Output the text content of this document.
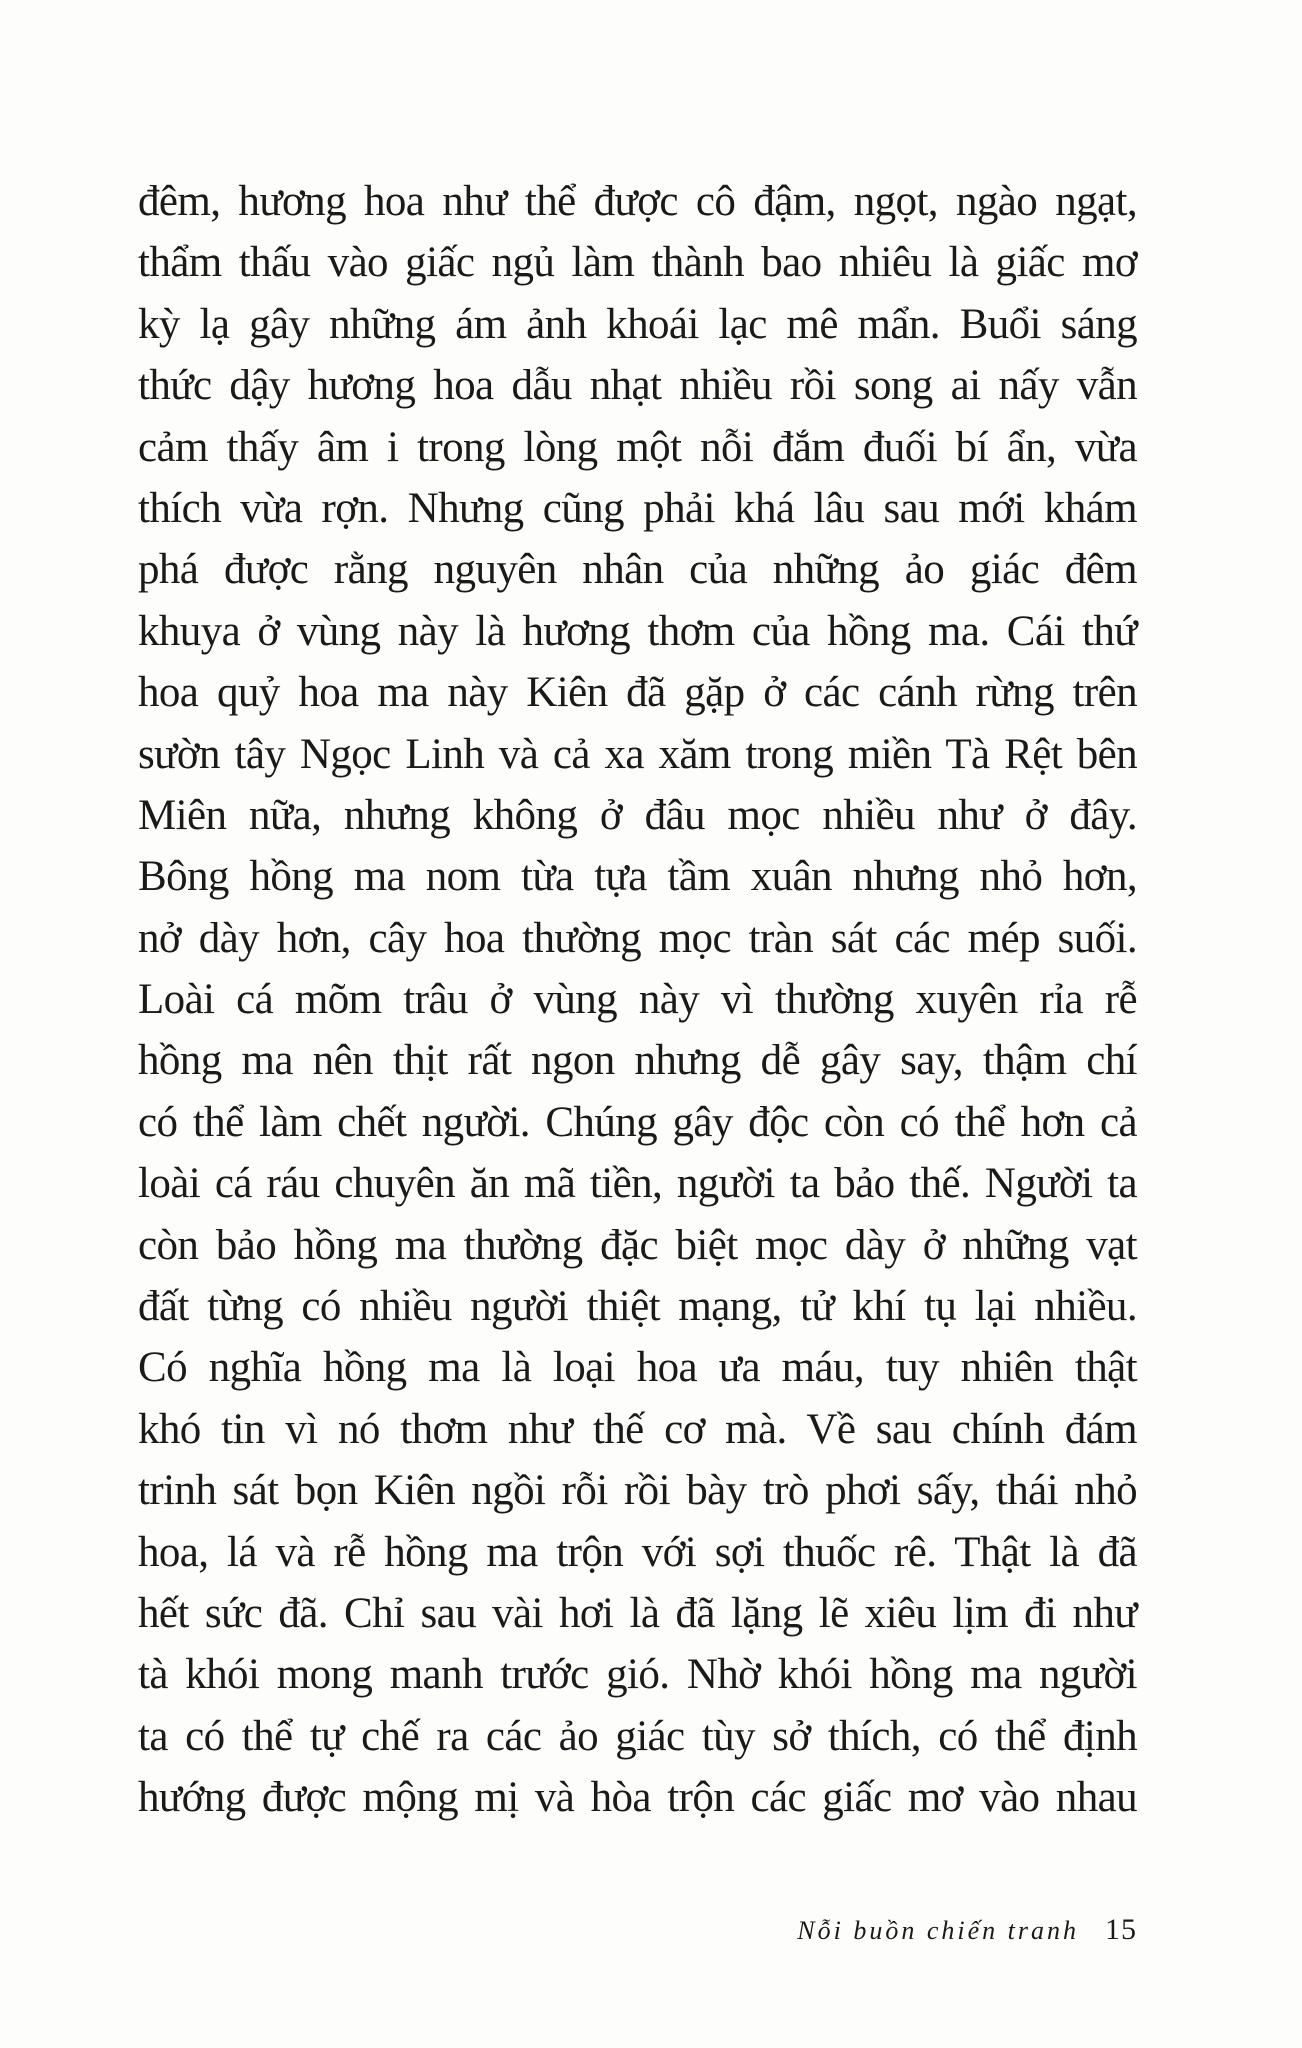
đêm, hương hoa như thể được cô đậm, ngọt, ngào ngạt,
thẩm thấu vào giấc ngủ làm thành bao nhiêu là giấc mơ
kỳ lạ gây những ám ảnh khoái lạc mê mẩn. Buổi sáng
thức dậy hương hoa dẫu nhạt nhiều rồi song ai nấy vẫn
cảm thấy âm i trong lòng một nỗi đắm đuối bí ẩn, vừa
thích vừa rợn. Nhưng cũng phải khá lâu sau mới khám
phá được rằng nguyên nhân của những ảo giác đêm
khuya ở vùng này là hương thơm của hồng ma. Cái thứ
hoa quỷ hoa ma này Kiên đã gặp ở các cánh rừng trên
sườn tây Ngọc Linh và cả xa xăm trong miền Tà Rệt bên
Miên nữa, nhưng không ở đâu mọc nhiều như ở đây.
Bông hồng ma nom từa tựa tầm xuân nhưng nhỏ hơn,
nở dày hơn, cây hoa thường mọc tràn sát các mép suối.
Loài cá mõm trâu ở vùng này vì thường xuyên rỉa rễ
hồng ma nên thịt rất ngon nhưng dễ gây say, thậm chí
có thể làm chết người. Chúng gây độc còn có thể hơn cả
loài cá ráu chuyên ăn mã tiền, người ta bảo thế. Người ta
còn bảo hồng ma thường đặc biệt mọc dày ở những vạt
đất từng có nhiều người thiệt mạng, tử khí tụ lại nhiều.
Có nghĩa hồng ma là loại hoa ưa máu, tuy nhiên thật
khó tin vì nó thơm như thế cơ mà. Về sau chính đám
trinh sát bọn Kiên ngồi rỗi rồi bày trò phơi sấy, thái nhỏ
hoa, lá và rễ hồng ma trộn với sợi thuốc rê. Thật là đã
hết sức đã. Chỉ sau vài hơi là đã lặng lẽ xiêu lịm đi như
tà khói mong manh trước gió. Nhờ khói hồng ma người
ta có thể tự chế ra các ảo giác tùy sở thích, có thể định
hướng được mộng mị và hòa trộn các giấc mơ vào nhau
Nỗi buồn chiến tranh 15
